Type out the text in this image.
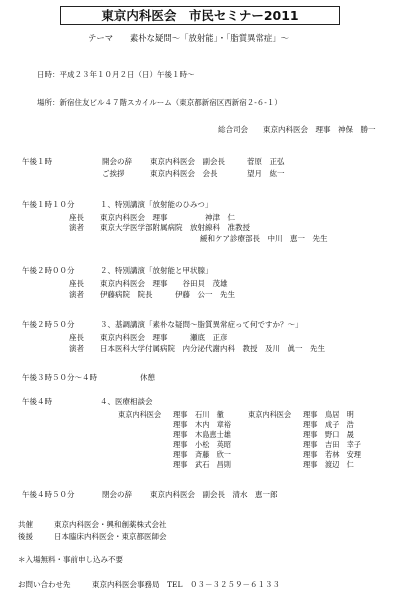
東京内科医会　市民セミナー2011
テーマ　　素朴な疑問～「放射能」・「脂質異常症」～
日時：平成２３年１０月２日（日）午後１時～
場所：新宿住友ビル４７階スカイルーム（東京都新宿区西新宿２-６-１）
総合司会　　東京内科医会　理事　神保　勝一
午後１時	開会の辞 東京内科医会　副会長	菅原　正弘
ご挨拶	東京内科医会　会長	望月　紘一
午後１時１０分	１、特別講演「放射能のひみつ」
座長 東京内科医会　理事　　　　　神津　仁
演者 東京大学医学部附属病院　放射線科　准教授
緩和ケア診療部長　中川　恵一　先生
午後２時００分	２、特別講演「放射能と甲状腺」
座長 東京内科医会　理事　　谷田貝　茂雄
演者 伊藤病院　院長　　　伊藤　公一　先生
午後２時５０分	３、基調講演「素朴な疑問～脂質異常症って何ですか？～」
座長 東京内科医会　理事　　　瀬底　正彦
演者 日本医科大学付属病院　内分泌代謝内科　教授　及川　眞一　先生
午後３時５０分～４時	休憩
午後４時	４、医療相談会
東京内科医会	理事	石川　徹	東京内科医会	理事	鳥居　明
理事	木内　章裕	理事	成子　浩
理事	木島恵士雄	理事	野口　晟
理事	小松　英昭	理事	吉田　幸子
理事	斉藤　欣一	理事	若林　安理
理事	武石　昌則	理事	渡辺　仁
午後４時５０分	閉会の辞 東京内科医会　副会長　清水　恵一郎
共催	東京内科医会・興和創薬株式会社
後援	日本臨床内科医会・東京都医師会
＊入場無料・事前申し込み不要
お問い合わせ先	東京内科医会事務局　TEL　０３－３２５９－６１３３
